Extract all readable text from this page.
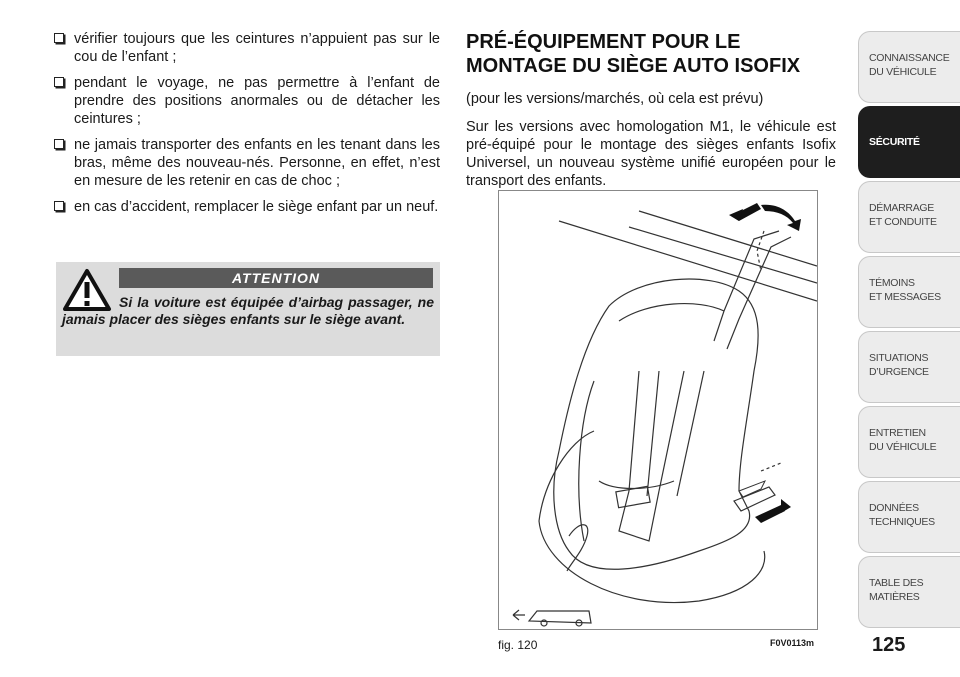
vérifier toujours que les ceintures n’appuient pas sur le cou de l’enfant ;
pendant le voyage, ne pas permettre à l’enfant de prendre des positions anormales ou de détacher les ceintures ;
ne jamais transporter des enfants en les tenant dans les bras, même des nouveau-nés. Personne, en effet, n’est en mesure de les retenir en cas de choc ;
en cas d’accident, remplacer le siège enfant par un neuf.
ATTENTION
Si la voiture est équipée d’airbag passager, ne jamais placer des sièges enfants sur le siège avant.
PRÉ-ÉQUIPEMENT POUR LE MONTAGE DU SIÈGE AUTO ISOFIX

(pour les versions/marchés, où cela est prévu)

Sur les versions avec homologation M1, le véhicule est pré-équipé pour le montage des sièges enfants Isofix Universel, un nouveau système unifié européen pour le transport des enfants.

fig. 120	F0V0113m
CONNAISSANCE
DU VÉHICULE
SÉCURITÉ
DÉMARRAGE
ET CONDUITE
TÉMOINS
ET MESSAGES
SITUATIONS
D’URGENCE
ENTRETIEN
DU VÉHICULE
DONNÉES
TECHNIQUES
TABLE DES
MATIÈRES
125
